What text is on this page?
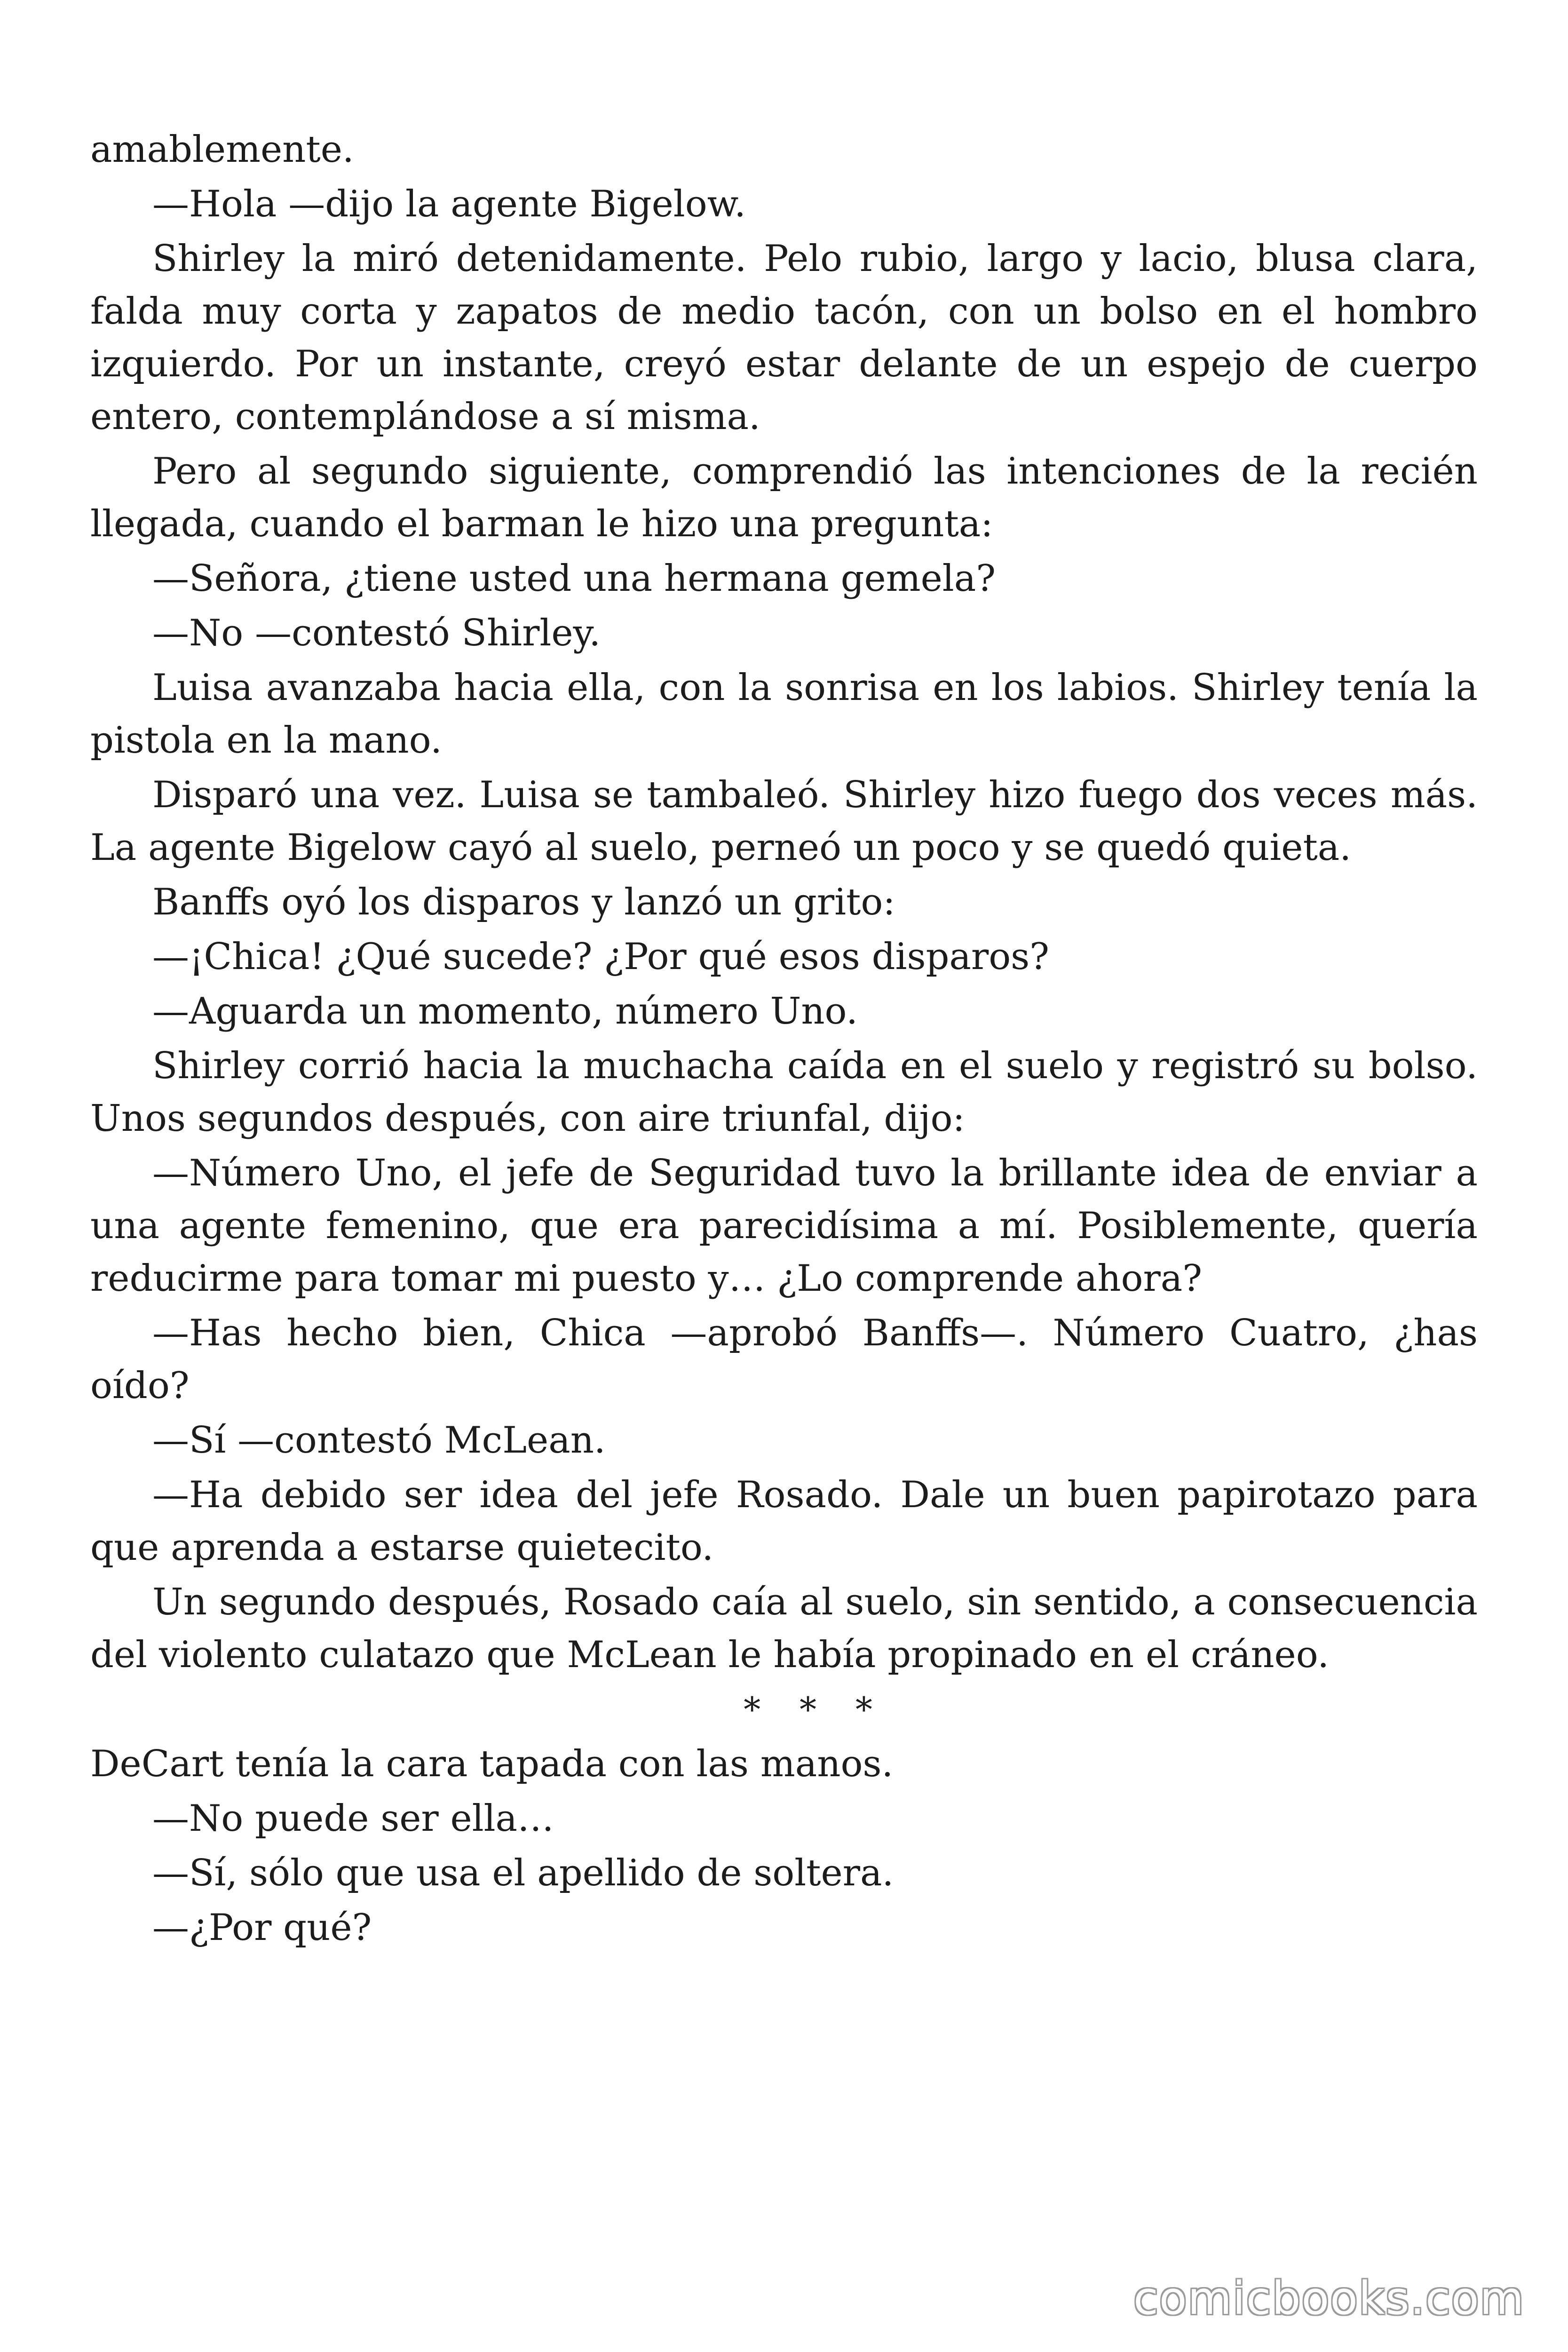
amablemente.

—Hola —dijo la agente Bigelow.

Shirley la miró detenidamente. Pelo rubio, largo y lacio, blusa clara, falda muy corta y zapatos de medio tacón, con un bolso en el hombro izquierdo. Por un instante, creyó estar delante de un espejo de cuerpo entero, contemplándose a sí misma.

Pero al segundo siguiente, comprendió las intenciones de la recién llegada, cuando el barman le hizo una pregunta:

—Señora, ¿tiene usted una hermana gemela?

—No —contestó Shirley.

Luisa avanzaba hacia ella, con la sonrisa en los labios. Shirley tenía la pistola en la mano.

Disparó una vez. Luisa se tambaleó. Shirley hizo fuego dos veces más. La agente Bigelow cayó al suelo, perneó un poco y se quedó quieta.

Banffs oyó los disparos y lanzó un grito:

—¡Chica! ¿Qué sucede? ¿Por qué esos disparos?

—Aguarda un momento, número Uno.

Shirley corrió hacia la muchacha caída en el suelo y registró su bolso. Unos segundos después, con aire triunfal, dijo:

—Número Uno, el jefe de Seguridad tuvo la brillante idea de enviar a una agente femenino, que era parecidísima a mí. Posiblemente, quería reducirme para tomar mi puesto y… ¿Lo comprende ahora?

—Has hecho bien, Chica —aprobó Banffs—. Número Cuatro, ¿has oído?

—Sí —contestó McLean.

—Ha debido ser idea del jefe Rosado. Dale un buen papirotazo para que aprenda a estarse quietecito.

Un segundo después, Rosado caía al suelo, sin sentido, a consecuencia del violento culatazo que McLean le había propinado en el cráneo.

* * *

DeCart tenía la cara tapada con las manos.

—No puede ser ella…

—Sí, sólo que usa el apellido de soltera.

—¿Por qué?

comicbooks.com
